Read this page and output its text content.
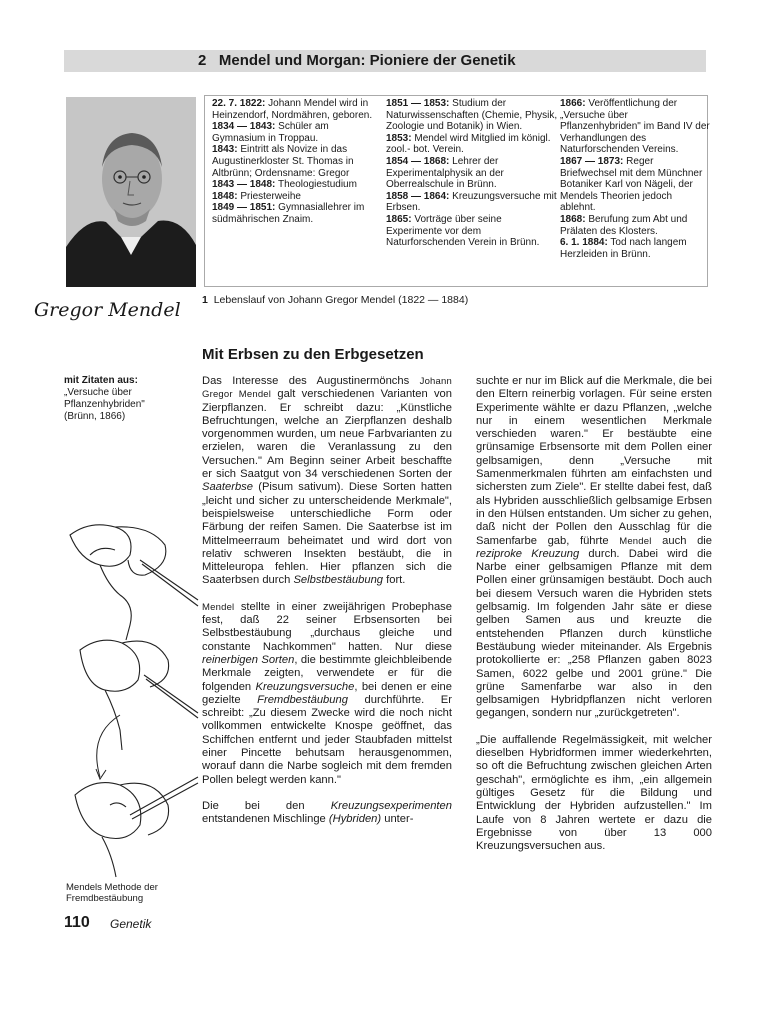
2 Mendel und Morgan: Pioniere der Genetik
Gregor Mendel
22. 7. 1822: Johann Mendel wird in Heinzendorf, Nordmähren, geboren.
1834 — 1843: Schüler am Gymnasium in Troppau.
1843: Eintritt als Novize in das Augustinerkloster St. Thomas in Altbrünn; Ordensname: Gregor
1843 — 1848: Theologiestudium
1848: Priesterweihe
1849 — 1851: Gymnasiallehrer im südmährischen Znaim.
1851 — 1853: Studium der Naturwissenschaften (Chemie, Physik, Zoologie und Botanik) in Wien.
1853: Mendel wird Mitglied im königl. zool.- bot. Verein.
1854 — 1868: Lehrer der Experimentalphysik an der Oberrealschule in Brünn.
1858 — 1864: Kreuzungsversuche mit Erbsen.
1865: Vorträge über seine Experimente vor dem Naturforschenden Verein in Brünn.
1866: Veröffentlichung der „Versuche über Pflanzenhybriden" im Band IV der Verhandlungen des Naturforschenden Vereins.
1867 — 1873: Reger Briefwechsel mit dem Münchner Botaniker Karl von Nägeli, der Mendels Theorien jedoch ablehnt.
1868: Berufung zum Abt und Prälaten des Klosters.
6. 1. 1884: Tod nach langem Herzleiden in Brünn.
1 Lebenslauf von Johann Gregor Mendel (1822 — 1884)
Mit Erbsen zu den Erbgesetzen
mit Zitaten aus:
„Versuche über Pflanzenhybriden"
(Brünn, 1866)
Mendels Methode der Fremdbestäubung

Das Interesse des Augustinermönchs Johann Gregor Mendel galt verschiedenen Varianten von Zierpflanzen. Er schreibt dazu: „Künstliche Befruchtungen, welche an Zierpflanzen deshalb vorgenommen wurden, um neue Farbvarianten zu erzielen, waren die Veranlassung zu den Versuchen." Am Beginn seiner Arbeit beschaffte er sich Saatgut von 34 verschiedenen Sorten der Saaterbse (Pisum sativum). Diese Sorten hatten „leicht und sicher zu unterscheidende Merkmale", beispielsweise unterschiedliche Form oder Färbung der reifen Samen. Die Saaterbse ist im Mittelmeerraum beheimatet und wird dort von relativ schweren Insekten bestäubt, die in Mitteleuropa fehlen. Hier pflanzen sich die Saaterbsen durch Selbstbestäubung fort.

Mendel stellte in einer zweijährigen Probephase fest, daß 22 seiner Erbsensorten bei Selbstbestäubung „durchaus gleiche und constante Nachkommen" hatten. Nur diese reinerbigen Sorten, die bestimmte gleichbleibende Merkmale zeigten, verwendete er für die folgenden Kreuzungsversuche, bei denen er eine gezielte Fremdbestäubung durchführte. Er schreibt: „Zu diesem Zwecke wird die noch nicht vollkommen entwickelte Knospe geöffnet, das Schiffchen entfernt und jeder Staubfaden mittelst einer Pincette behutsam herausgenommen, worauf dann die Narbe sogleich mit dem fremden Pollen belegt werden kann."

Die bei den Kreuzungsexperimenten entstandenen Mischlinge (Hybriden) unter-

suchte er nur im Blick auf die Merkmale, die bei den Eltern reinerbig vorlagen. Für seine ersten Experimente wählte er dazu Pflanzen, „welche nur in einem wesentlichen Merkmale verschieden waren." Er bestäubte eine grünsamige Erbsensorte mit dem Pollen einer gelbsamigen, denn „Versuche mit Samenmerkmalen führten am einfachsten und sichersten zum Ziele". Er stellte dabei fest, daß als Hybriden ausschließlich gelbsamige Erbsen in den Hülsen entstanden. Um sicher zu gehen, daß nicht der Pollen den Ausschlag für die Samenfarbe gab, führte Mendel auch die reziproke Kreuzung durch. Dabei wird die Narbe einer gelbsamigen Pflanze mit dem Pollen einer grünsamigen bestäubt. Doch auch bei diesem Versuch waren die Hybriden stets gelbsamig. Im folgenden Jahr säte er diese gelben Samen aus und kreuzte die entstehenden Pflanzen durch künstliche Bestäubung wieder miteinander. Als Ergebnis protokollierte er: „258 Pflanzen gaben 8023 Samen, 6022 gelbe und 2001 grüne." Die grüne Samenfarbe war also in den gelbsamigen Hybridpflanzen nicht verloren gegangen, sondern nur „zurückgetreten".

„Die auffallende Regelmässigkeit, mit welcher dieselben Hybridformen immer wiederkehrten, so oft die Befruchtung zwischen gleichen Arten geschah", ermöglichte es ihm, „ein allgemein gültiges Gesetz für die Bildung und Entwicklung der Hybriden aufzustellen." Im Laufe von 8 Jahren wertete er dazu die Ergebnisse von über 13 000 Kreuzungsversuchen aus.

110 Genetik
